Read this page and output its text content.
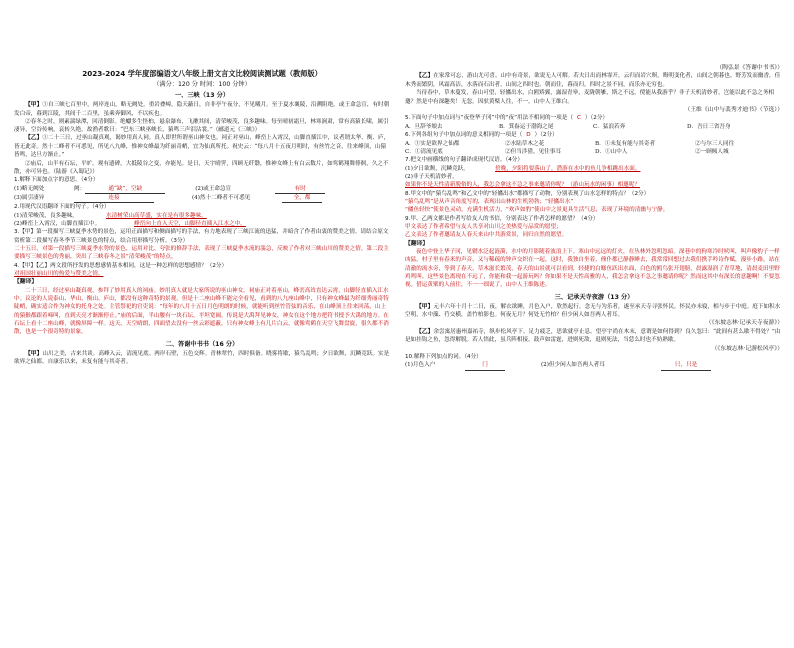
2023-2024 学年度部编语文八年级上册文言文比较阅读测试题（教师版）
（满分：120 分 时间：100 分钟）
一、三峡（13 分）

【甲】①自三峡七百里中，两岸连山，略无阙处。重岩叠嶂，隐天蔽日，自非亭午夜分，不见曦月。至于夏水襄陵，沿溯阻绝。或王命急宣，有时朝发白帝，暮到江陵，其间千二百里，虽乘奔御风，不以疾也。

②春冬之时，则素湍绿潭，回清倒影。绝巘多生怪柏，悬泉瀑布，飞漱其间，清荣峻茂，良多趣味。每至晴初霜旦，林寒涧肃，常有高猿长啸，属引凄异，空谷传响，哀转久绝。故渔者歌曰：“巴东三峡巫峡长，猿鸣三声泪沾裳。”（郦道元《三峡》）

【乙】①二十三日，过巫山凝真观，谒妙用真人祠。真人即世所谓巫山神女也。祠正对巫山，峰峦上入霄汉，山脚直插江中，议者谓太华、衡、庐，皆无此奇。然十二峰者不可悉见，所见八九峰，惟神女峰最为纤丽奇峭，宜为仙真所托。祝史云：“每八月十五夜月明时，有丝竹之音，往来峰顶，山猿皆鸣，达旦方渐止。”

②庙后，山半有石坛，平旷。观有遗碑，大抵陵谷之变，亦能见。是日，天宇晴霁，四顾无纤翳，惟神女峰上有白云数片，如鸾鹤翔舞徘徊，久之不散，亦可异也。（陆游《入蜀记》）

1.解释下面加点字的意思。（4分）

(1)略无阙处	阙：	通“缺”，空缺	(2)或王命急宣	有时
(3)属引凄异	连接	(4)然十二峰者不可悉见	全，都

2.用现代汉语翻译下面的句子。（4分）

(1)清荣峻茂，良多趣味。	水清树荣山高草盛，实在是有很多趣味。
(2)峰峦上入霄汉，山脚直插江中。	峰峦向上直入天空，山脚径直插入江水之中。

3.【甲】第一段描写三峡夏季水势的景色，运用正面描写和侧面描写的手法，有力地表现了三峡江流的迅猛，并暗含了作者由衷的赞美之情。请结合原文赏析第二段描写春冬季节三峡景色的特点，结合用形描写分析。（3分）

二十五日，对第一段描写三峡夏季水势的景色，运用对比、夸张的修辞手法，表现了三峡夏季水流的湍急，反映了作者对三峡山川的赞美之情。第二段主要描写三峡景色的秀丽，突出了三峡春冬之景“清荣峻茂”的特点。

4.【甲】【乙】两文段所抒发的思想感情基本相同，这是一种怎样的思想感情？（2分）

对祖国壮丽山川的热爱与赞美之情。

【翻译】

二十三日，经过巫山凝真观，参拜了妙用真人的祠庙。妙用真人就是大家所说的巫山神女。祠庙正对着巫山，峰峦高耸直达云霄，山脚径直插入江水中。议论的人说泰山、华山、衡山、庐山，都没有这种奇特的景观。但是十二座山峰不能完全看见，看到的八九座山峰中，只有神女峰最为纤细秀丽奇特陡峭，确实适合作为神女的托身之处。主管祭祀的官吏说：“每年的八月十五日月色明朗的时候，就能听到丝竹管弦的音乐，在山峰顶上往来回荡，山上的猿猴都跟着啼叫，直到天亮才渐渐停止。”庙的后面，半山腰有一块石坛，平坦宽阔。传说是大禹拜见神女，神女在这个地方把符书授予大禹的地方。在石坛上看十二座山峰，就像屏障一样。这天，天空晴朗，四面望去没有一丝云彩遮蔽，只有神女峰上有几片白云，就像鸾鹤在天空飞舞盘旋，很久都不消散，也是一个很奇特的景象。

二、答谢中书书（16 分）

【甲】山川之美，古来共谈。高峰入云，清流见底。两岸石壁，五色交辉。青林翠竹，四时俱备。晓雾将歇，猿鸟乱鸣；夕日欲颓，沉鳞竞跃。实是欲界之仙都。自康乐以来，未复有能与其奇者。

（陶弘景《答谢中书书》）

【乙】在家常可忘，游山尤可喜。山中有奇景，欲说无人可解。若夫日出而林霏开，云归而岩穴暝，晦明变化者，山间之朝暮也。野芳发而幽香，佳木秀而繁阴，风霜高洁，水落而石出者，山间之四时也。朝而往，暮而归，四时之景不同，而乐亦无穷也。

当待春中，草木蔓发，春山可望，轻鯈出水，白鸥矫翼，露湿青皋，麦陇朝雊，斯之不远，傥能从我游乎？非子天机清妙者，岂能以此不急之务相邀？然是中有深趣矣！无忽。因驮黄檗人往，不一。山中人王维白。

（王维《山中与裴秀才迪书》（节选））
5.下面句子中加点词与“夜登华子冈”中的“夜”用法不相同的一项是（ C ）（2分）
A．旦辞爷娘去	B．箕畚运于渤海之尾	C．猛浪若奔	D．吾日三省吾身
6.下列各组句子中加点词的意义相同的一项是（ D ）（2分）
A．①实是欲界之仙都	②水陆草木之花	B．①未复有能与其奇者	②与尔三人同往
C．①清流见底	②但当涉猎，见往事耳	D．①山中人	②一顾倾人城

7.把文中画横线的句子翻译成现代汉语。（4分）

(1)夕日欲颓，沉鳞竞跃。	傍晚，夕阳将要落山了，潜游在水中的鱼儿争相跳出水面。
(2)非子天机清妙者，

如果你不是天性清新脱俗的人，我怎会拿这不急之事来邀请你呢？（游山玩水的闲事）相邀呢？

8.甲文中的“猿鸟乱鸣”和乙文中的“轻鯈出水”都描写了动物，分别表现了山水怎样的特点？（2分）

“猿鸟乱鸣”是从声音角度写的，表现出山林的生机勃勃；“轻鯈出水”

“鯈鱼轻快”使景色灵动，充满生机活力，“欢声如豹”使山中之景更具生活气息，表现了环境的清幽与宁静。

9.甲、乙两文都是作者写给友人的书信，分别表达了作者怎样的愿望？（4分）

甲文表达了作者希望与友人共享对山川之美热爱与品赏的愿望；

乙文表达了作者邀请友人春天来山中共游赏景，同归自然的愿望。

【翻译】

夜色中登上华子冈，见辋水泛起涟漪，水中的月影随着波浪上下。寒山中远远的灯火，在丛林外忽明忽暗。深巷中的狗寒冷时吠叫，叫声像豹子一样凶猛。村子里有春米的声音，又与稀疏的钟声交织在一起。这时，我独自坐着，僮仆都已静静睡去，我常常回想过去我们携手吟诗作赋，漫步小路，站在清澈的流水旁，等到了春天，草木滋长繁茂，春天的山景就可以看到，轻捷的白鲦鱼跃出水面，白色的鸥鸟张开翅膀，晨露湿润了青草地，清晨麦田里野鸡鸣叫。这些景色离现在不远了，你能和我一起游玩吗？你如果不是天性高雅的人，我怎会拿这不急之事邀请你呢？然而这其中有深长的意趣啊！不要忽视。借运黄檗的人前往，不一一细说了。山中人王维陈述。

三、记承天寺夜游（13 分）

【甲】元丰六年十月十二日，夜，解衣欲睡，月色入户，欣然起行。念无与为乐者，遂至承天寺寻张怀民。怀民亦未寝，相与步于中庭。庭下如积水空明，水中藻、荇交横，盖竹柏影也。何夜无月？何处无竹柏？但少闲人如吾两人者耳。

（《东坡志林·记承天寺夜游》）

【乙】余尝寓居惠州嘉祐寺，纵步松风亭下。足力疲乏，思欲就亭止息。望亭宇尚在木末，意谓是如何得到？良久忽曰：“此间有甚么歇不得处？”由是如挂钩之鱼，忽得解脱。若人悟此，虽兵阵相接，鼓声如雷霆，进则死敌，退则死法，当恁么时也不妨熟歇。

（《东坡志林·记游松风亭》）

10.解释下列加点的词。（4分）

(1)月色入户	门	(2)但少闲人如吾两人者耳	只，只是
